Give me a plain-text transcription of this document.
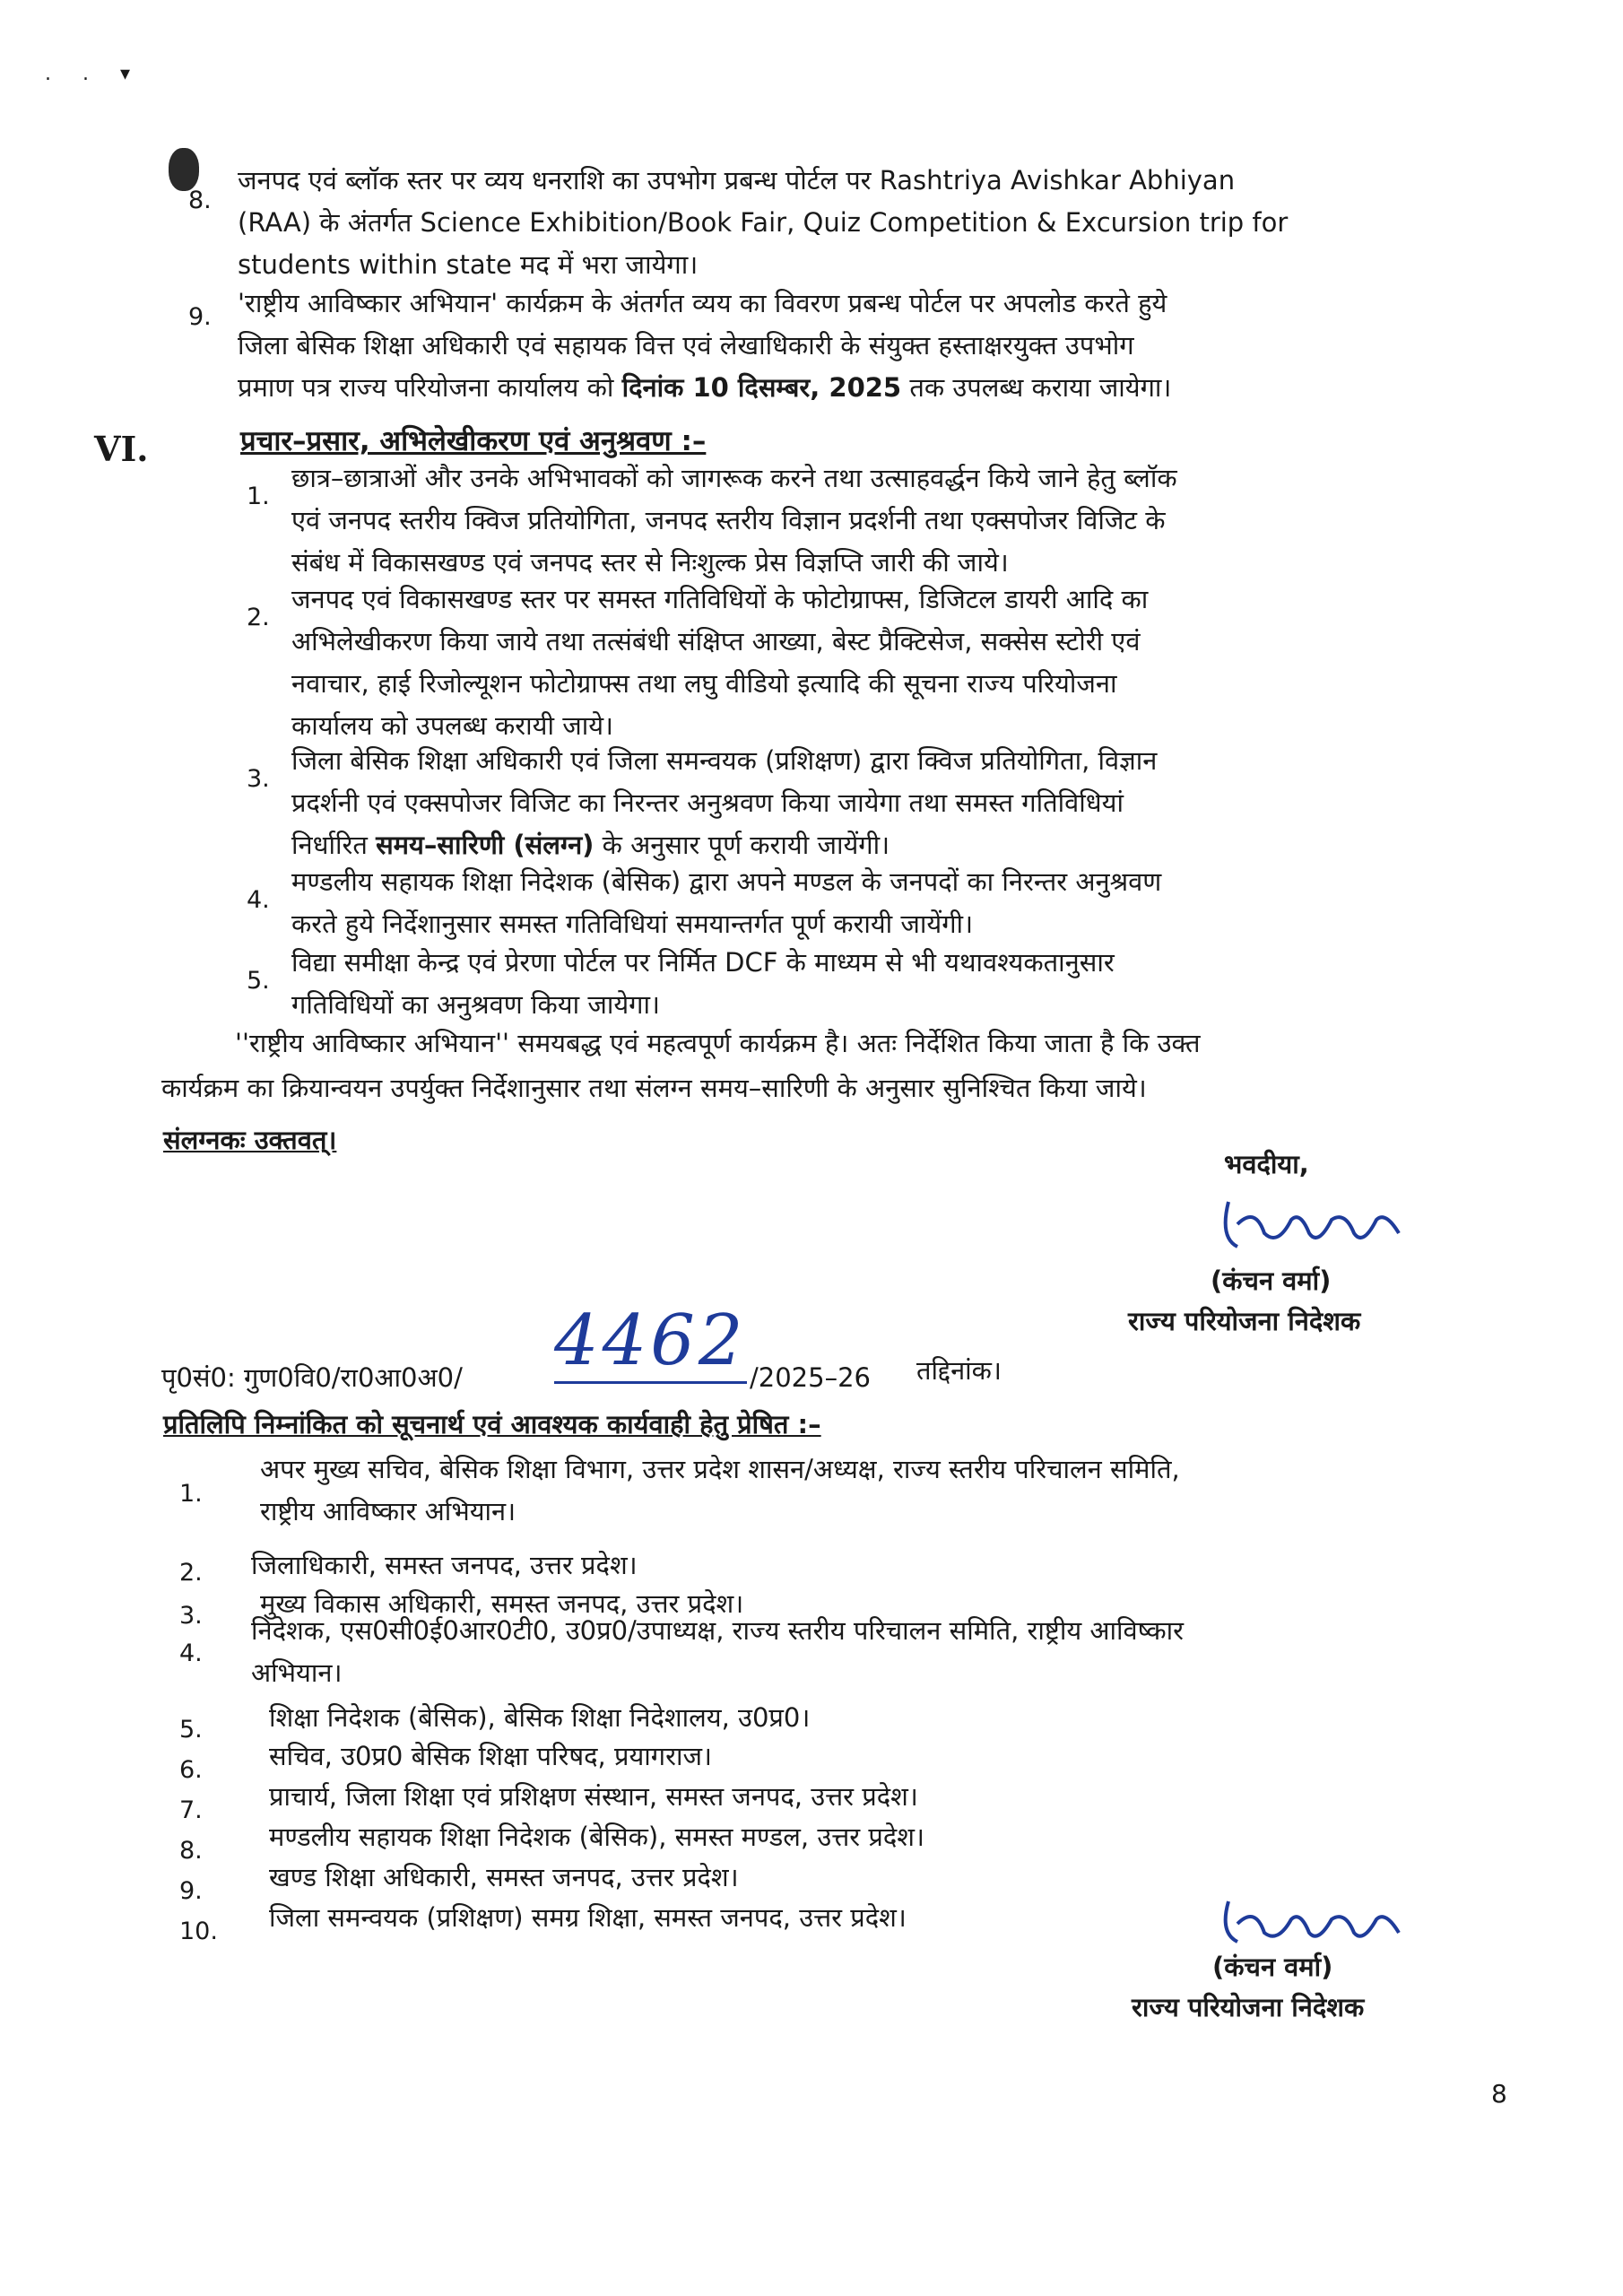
. . ▾
8.
जनपद एवं ब्लॉक स्तर पर व्यय धनराशि का उपभोग प्रबन्ध पोर्टल पर Rashtriya Avishkar Abhiyan
(RAA) के अंतर्गत Science Exhibition/Book Fair, Quiz Competition & Excursion trip for
students within state मद में भरा जायेगा।
9. 'राष्ट्रीय आविष्कार अभियान' कार्यक्रम के अंतर्गत व्यय का विवरण प्रबन्ध पोर्टल पर अपलोड करते हुये
जिला बेसिक शिक्षा अधिकारी एवं सहायक वित्त एवं लेखाधिकारी के संयुक्त हस्ताक्षरयुक्त उपभोग
प्रमाण पत्र राज्य परियोजना कार्यालय को दिनांक 10 दिसम्बर, 2025 तक उपलब्ध कराया जायेगा।
VI.	प्रचार–प्रसार, अभिलेखीकरण एवं अनुश्रवण :–
1.
छात्र–छात्राओं और उनके अभिभावकों को जागरूक करने तथा उत्साहवर्द्धन किये जाने हेतु ब्लॉक
एवं जनपद स्तरीय क्विज प्रतियोगिता, जनपद स्तरीय विज्ञान प्रदर्शनी तथा एक्सपोजर विजिट के
संबंध में विकासखण्ड एवं जनपद स्तर से निःशुल्क प्रेस विज्ञप्ति जारी की जाये।
2.
जनपद एवं विकासखण्ड स्तर पर समस्त गतिविधियों के फोटोग्राफ्स, डिजिटल डायरी आदि का
अभिलेखीकरण किया जाये तथा तत्संबंधी संक्षिप्त आख्या, बेस्ट प्रैक्टिसेज, सक्सेस स्टोरी एवं
नवाचार, हाई रिजोल्यूशन फोटोग्राफ्स तथा लघु वीडियो इत्यादि की सूचना राज्य परियोजना
कार्यालय को उपलब्ध करायी जाये।
3.
जिला बेसिक शिक्षा अधिकारी एवं जिला समन्वयक (प्रशिक्षण) द्वारा क्विज प्रतियोगिता, विज्ञान
प्रदर्शनी एवं एक्सपोजर विजिट का निरन्तर अनुश्रवण किया जायेगा तथा समस्त गतिविधियां
निर्धारित समय–सारिणी (संलग्न) के अनुसार पूर्ण करायी जायेंगी।
4.
मण्डलीय सहायक शिक्षा निदेशक (बेसिक) द्वारा अपने मण्डल के जनपदों का निरन्तर अनुश्रवण
करते हुये निर्देशानुसार समस्त गतिविधियां समयान्तर्गत पूर्ण करायी जायेंगी।
5.
विद्या समीक्षा केन्द्र एवं प्रेरणा पोर्टल पर निर्मित DCF के माध्यम से भी यथावश्यकतानुसार
गतिविधियों का अनुश्रवण किया जायेगा।
''राष्ट्रीय आविष्कार अभियान'' समयबद्ध एवं महत्वपूर्ण कार्यक्रम है। अतः निर्देशित किया जाता है कि उक्त
कार्यक्रम का क्रियान्वयन उपर्युक्त निर्देशानुसार तथा संलग्न समय–सारिणी के अनुसार सुनिश्चित किया जाये।
संलग्नकः उक्तवत्।
भवदीया,
(कंचन वर्मा)
राज्य परियोजना निदेशक
पृ0सं0: गुण0वि0/रा0आ0अ0/ 4462 /2025–26 तद्दिनांक।
प्रतिलिपि निम्नांकित को सूचनार्थ एवं आवश्यक कार्यवाही हेतु प्रेषित :–
1.
अपर मुख्य सचिव, बेसिक शिक्षा विभाग, उत्तर प्रदेश शासन/अध्यक्ष, राज्य स्तरीय परिचालन समिति,
राष्ट्रीय आविष्कार अभियान।
2. जिलाधिकारी, समस्त जनपद, उत्तर प्रदेश।
3. मुख्य विकास अधिकारी, समस्त जनपद, उत्तर प्रदेश।
4.
निदेशक, एस0सी0ई0आर0टी0, उ0प्र0/उपाध्यक्ष, राज्य स्तरीय परिचालन समिति, राष्ट्रीय आविष्कार
अभियान।
5.	शिक्षा निदेशक (बेसिक), बेसिक शिक्षा निदेशालय, उ0प्र0।
6.	सचिव, उ0प्र0 बेसिक शिक्षा परिषद, प्रयागराज।
7.	प्राचार्य, जिला शिक्षा एवं प्रशिक्षण संस्थान, समस्त जनपद, उत्तर प्रदेश।
8.	मण्डलीय सहायक शिक्षा निदेशक (बेसिक), समस्त मण्डल, उत्तर प्रदेश।
9.	खण्ड शिक्षा अधिकारी, समस्त जनपद, उत्तर प्रदेश।
10. जिला समन्वयक (प्रशिक्षण) समग्र शिक्षा, समस्त जनपद, उत्तर प्रदेश।
(कंचन वर्मा)
राज्य परियोजना निदेशक
8
